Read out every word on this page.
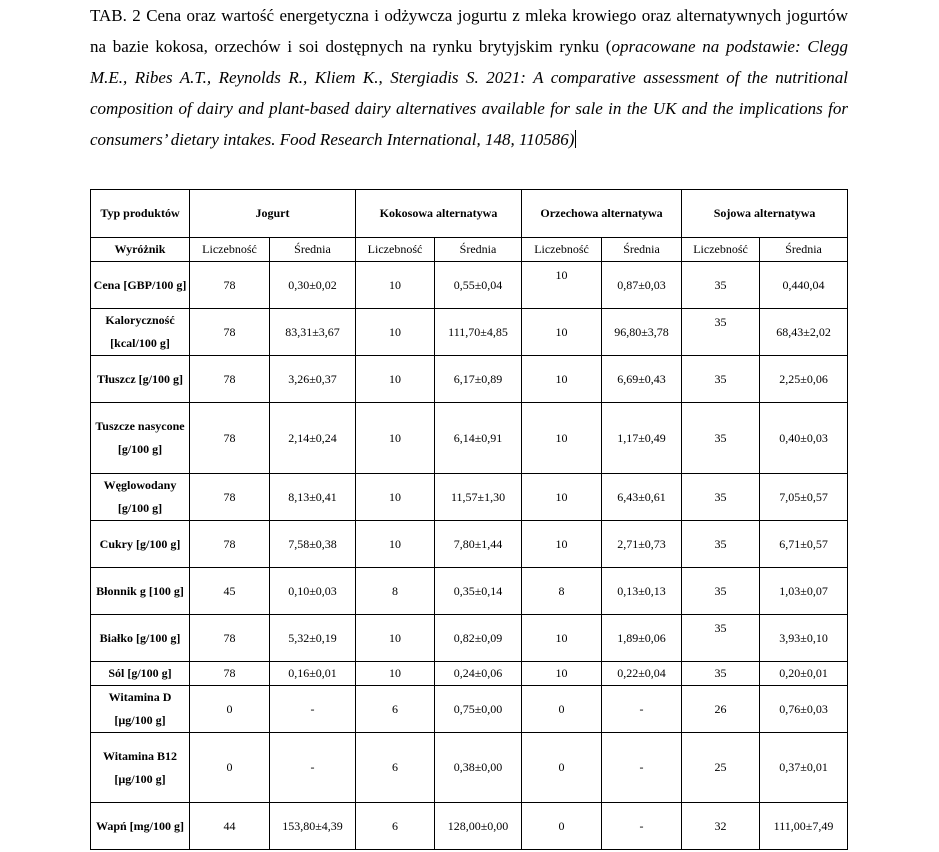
TAB. 2 Cena oraz wartość energetyczna i odżywcza jogurtu z mleka krowiego oraz alternatywnych jogurtów na bazie kokosa, orzechów i soi dostępnych na rynku brytyjskim rynku (opracowane na podstawie: Clegg M.E., Ribes A.T., Reynolds R., Kliem K., Stergiadis S. 2021: A comparative assessment of the nutritional composition of dairy and plant-based dairy alternatives available for sale in the UK and the implications for consumers’ dietary intakes. Food Research International, 148, 110586)
Typ produktów	Jogurt		Kokosowa alternatywa		Orzechowa alternatywa		Sojowa alternatywa	
Wyróżnik	Liczebność	Średnia	Liczebność	Średnia	Liczebność	Średnia	Liczebność	Średnia
Cena [GBP/100 g]	78	0,30±0,02	10	0,55±0,04	10	0,87±0,03	35	0,440,04
Kaloryczność [kcal/100 g]	78	83,31±3,67	10	111,70±4,85	10	96,80±3,78	35	68,43±2,02
Tłuszcz [g/100 g]	78	3,26±0,37	10	6,17±0,89	10	6,69±0,43	35	2,25±0,06
Tuszcze nasycone [g/100 g]	78	2,14±0,24	10	6,14±0,91	10	1,17±0,49	35	0,40±0,03
Węglowodany [g/100 g]	78	8,13±0,41	10	11,57±1,30	10	6,43±0,61	35	7,05±0,57
Cukry [g/100 g]	78	7,58±0,38	10	7,80±1,44	10	2,71±0,73	35	6,71±0,57
Błonnik g [100 g]	45	0,10±0,03	8	0,35±0,14	8	0,13±0,13	35	1,03±0,07
Białko [g/100 g]	78	5,32±0,19	10	0,82±0,09	10	1,89±0,06	35	3,93±0,10
Sól [g/100 g]	78	0,16±0,01	10	0,24±0,06	10	0,22±0,04	35	0,20±0,01
Witamina D [µg/100 g]	0	-	6	0,75±0,00	0	-	26	0,76±0,03
Witamina B12 [µg/100 g]	0	-	6	0,38±0,00	0	-	25	0,37±0,01
Wapń [mg/100 g]	44	153,80±4,39	6	128,00±0,00	0	-	32	111,00±7,49
